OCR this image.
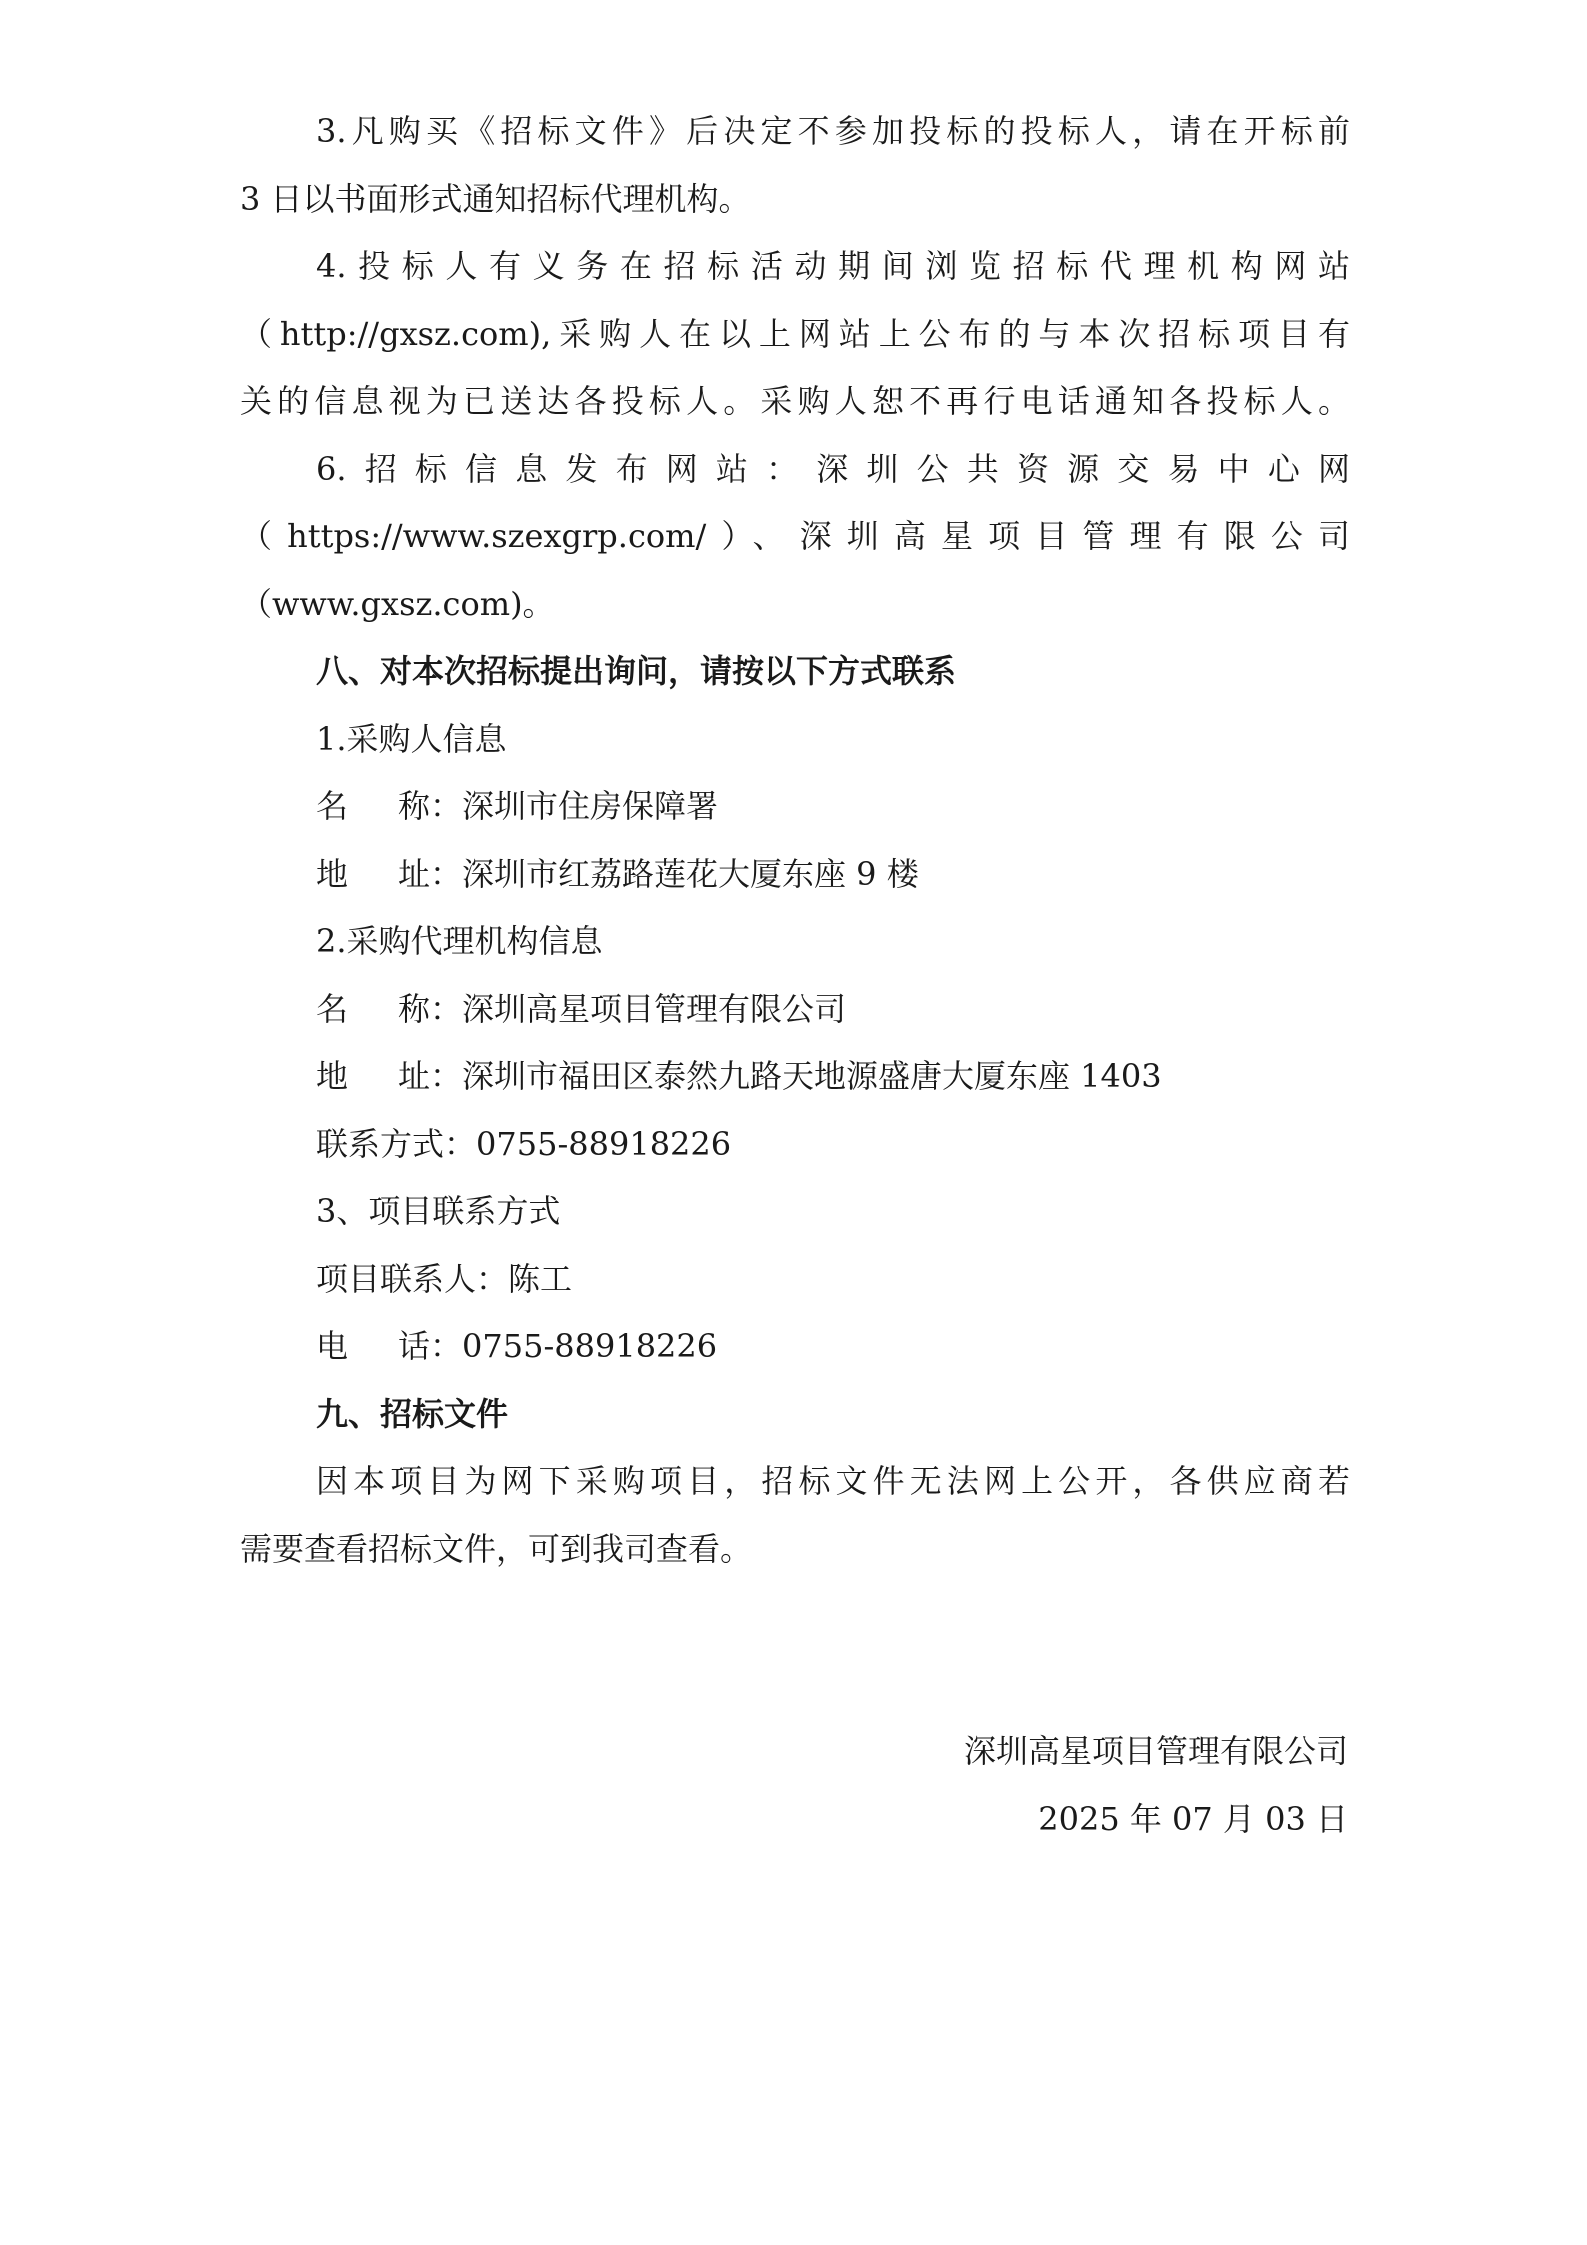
3.凡购买《招标文件》后决定不参加投标的投标人，请在开标前
3 日以书面形式通知招标代理机构。
4.投标人有义务在招标活动期间浏览招标代理机构网站
（http://gxsz.com),采购人在以上网站上公布的与本次招标项目有
关的信息视为已送达各投标人。采购人恕不再行电话通知各投标人。
6.招标信息发布网站：深圳公共资源交易中心网
（https://www.szexgrp.com/）、深圳高星项目管理有限公司
（www.gxsz.com)。
八、对本次招标提出询问，请按以下方式联系
1.采购人信息
名称：深圳市住房保障署
地址：深圳市红荔路莲花大厦东座 9 楼
2.采购代理机构信息
名称：深圳高星项目管理有限公司
地址：深圳市福田区泰然九路天地源盛唐大厦东座 1403
联系方式：0755-88918226
3、项目联系方式
项目联系人：陈工
电话：0755-88918226
九、招标文件
因本项目为网下采购项目，招标文件无法网上公开，各供应商若
需要查看招标文件，可到我司查看。
深圳高星项目管理有限公司
2025 年 07 月 03 日
